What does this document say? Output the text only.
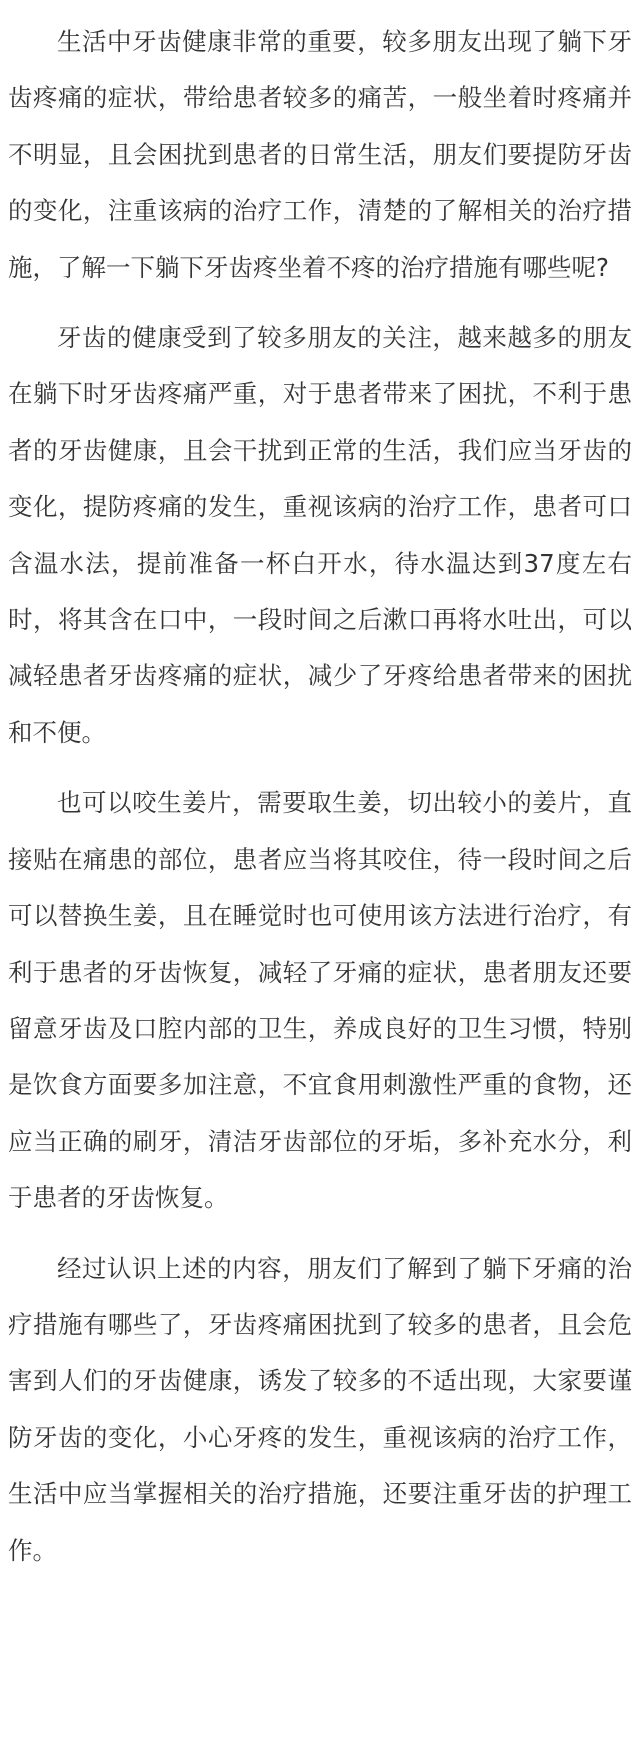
生活中牙齿健康非常的重要，较多朋友出现了躺下牙齿疼痛的症状，带给患者较多的痛苦，一般坐着时疼痛并不明显，且会困扰到患者的日常生活，朋友们要提防牙齿的变化，注重该病的治疗工作，清楚的了解相关的治疗措施，了解一下躺下牙齿疼坐着不疼的治疗措施有哪些呢?

牙齿的健康受到了较多朋友的关注，越来越多的朋友在躺下时牙齿疼痛严重，对于患者带来了困扰，不利于患者的牙齿健康，且会干扰到正常的生活，我们应当牙齿的变化，提防疼痛的发生，重视该病的治疗工作，患者可口含温水法，提前准备一杯白开水，待水温达到37度左右时，将其含在口中，一段时间之后漱口再将水吐出，可以减轻患者牙齿疼痛的症状，减少了牙疼给患者带来的困扰和不便。

也可以咬生姜片，需要取生姜，切出较小的姜片，直接贴在痛患的部位，患者应当将其咬住，待一段时间之后可以替换生姜，且在睡觉时也可使用该方法进行治疗，有利于患者的牙齿恢复，减轻了牙痛的症状，患者朋友还要留意牙齿及口腔内部的卫生，养成良好的卫生习惯，特别是饮食方面要多加注意，不宜食用刺激性严重的食物，还应当正确的刷牙，清洁牙齿部位的牙垢，多补充水分，利于患者的牙齿恢复。

经过认识上述的内容，朋友们了解到了躺下牙痛的治疗措施有哪些了，牙齿疼痛困扰到了较多的患者，且会危害到人们的牙齿健康，诱发了较多的不适出现，大家要谨防牙齿的变化，小心牙疼的发生，重视该病的治疗工作，生活中应当掌握相关的治疗措施，还要注重牙齿的护理工作。
